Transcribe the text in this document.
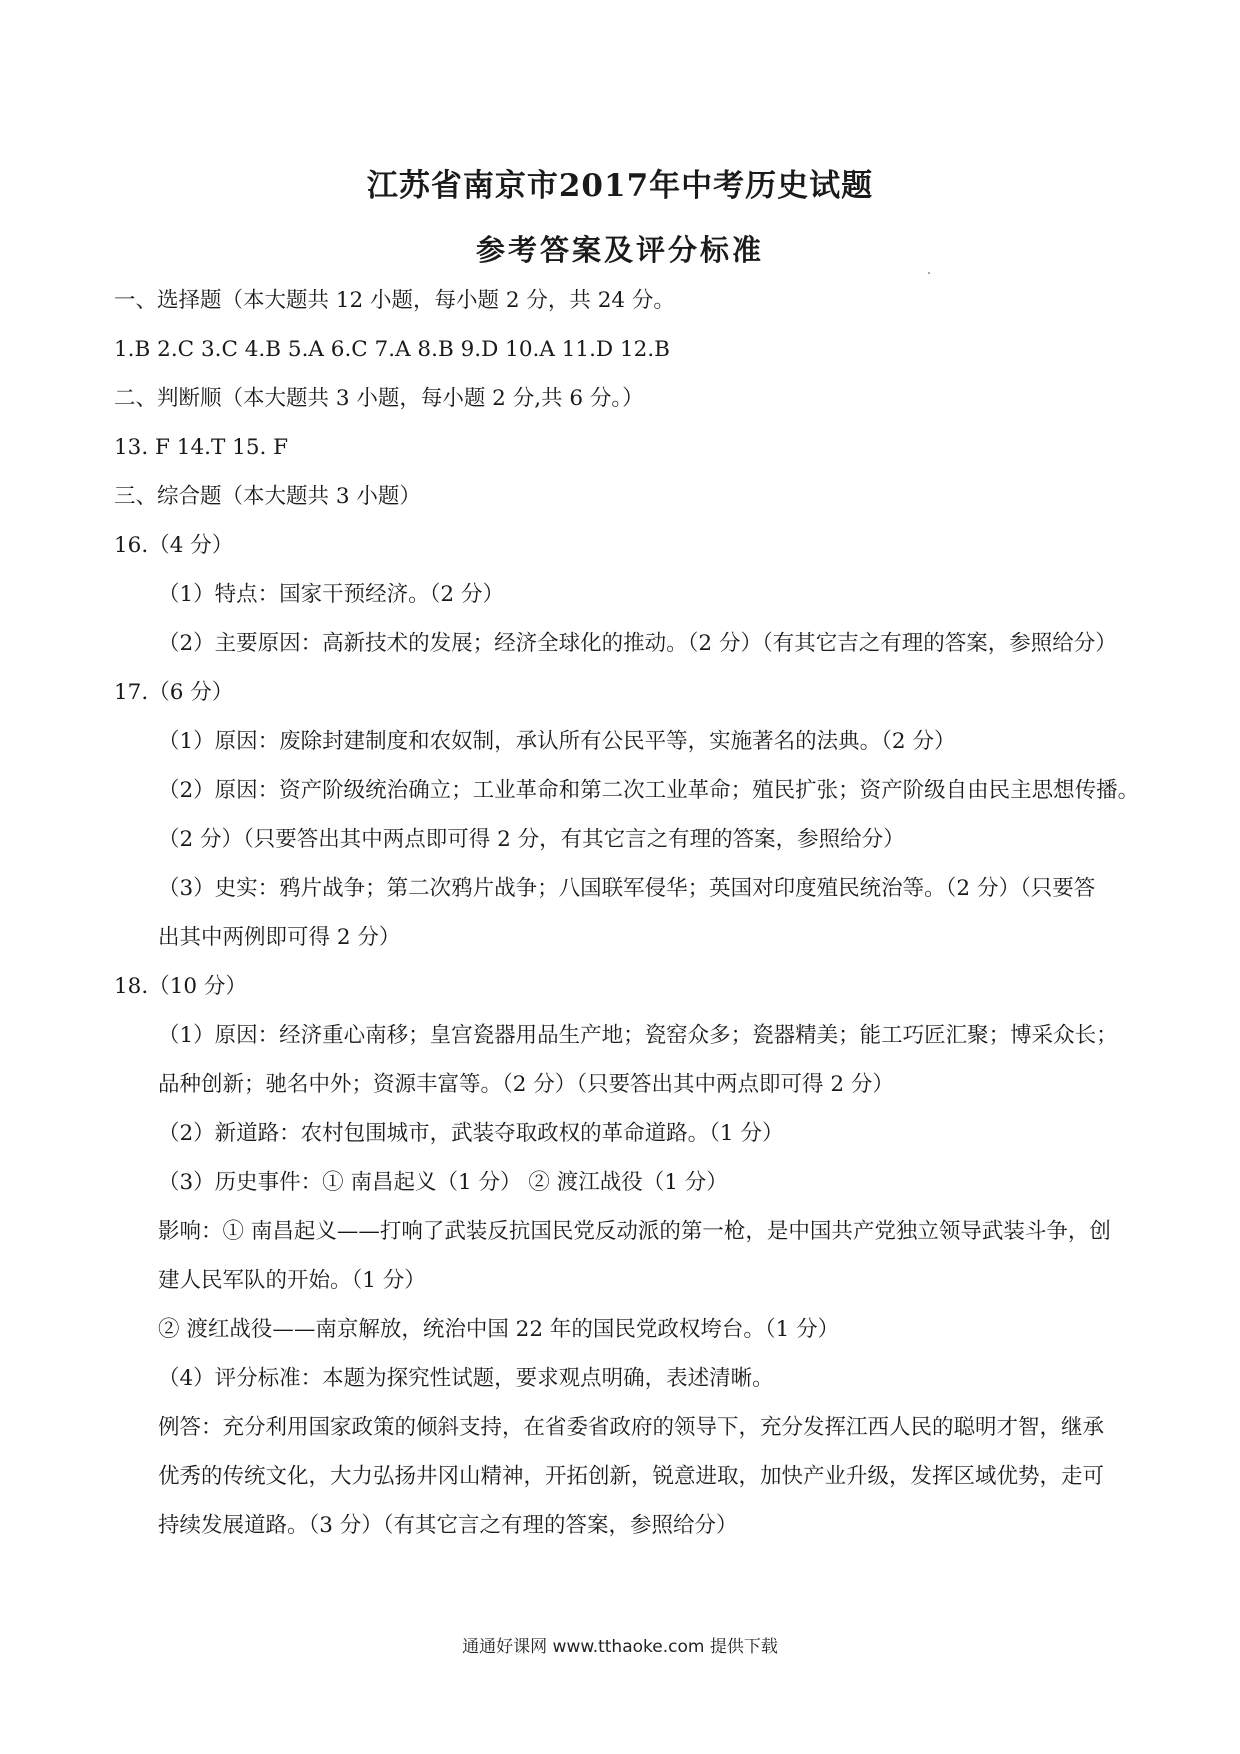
江苏省南京市2017年中考历史试题
参考答案及评分标准
一、选择题（本大题共 12 小题，每小题 2 分，共 24 分。
1.B 2.C 3.C 4.B 5.A 6.C 7.A 8.B 9.D 10.A 11.D 12.B
二、判断顺（本大题共 3 小题，每小题 2 分,共 6 分。）
13. F 14.T 15. F
三、综合题（本大题共 3 小题）
16.（4 分）
（1）特点：国家干预经济。（2 分）
（2）主要原因：高新技术的发展；经济全球化的推动。（2 分）（有其它吉之有理的答案，参照给分）
17.（6 分）
（1）原因：废除封建制度和农奴制，承认所有公民平等，实施著名的法典。（2 分）
（2）原因：资产阶级统治确立；工业革命和第二次工业革命；殖民扩张；资产阶级自由民主思想传播。
（2 分）（只要答出其中两点即可得 2 分，有其它言之有理的答案，参照给分）
（3）史实：鸦片战争；第二次鸦片战争；八国联军侵华；英国对印度殖民统治等。（2 分）（只要答
出其中两例即可得 2 分）
18.（10 分）
（1）原因：经济重心南移；皇宫瓷器用品生产地；瓷窑众多；瓷器精美；能工巧匠汇聚；博采众长；
品种创新；驰名中外；资源丰富等。（2 分）（只要答出其中两点即可得 2 分）
（2）新道路：农村包围城市，武装夺取政权的革命道路。（1 分）
（3）历史事件：① 南昌起义（1 分） ② 渡江战役（1 分）
影响：① 南昌起义——打响了武装反抗国民党反动派的第一枪，是中国共产党独立领导武装斗争，创
建人民军队的开始。（1 分）
② 渡红战役——南京解放，统治中国 22 年的国民党政权垮台。（1 分）
（4）评分标准：本题为探究性试题，要求观点明确，表述清晰。
例答：充分利用国家政策的倾斜支持，在省委省政府的领导下，充分发挥江西人民的聪明才智，继承
优秀的传统文化，大力弘扬井冈山精神，开拓创新，锐意进取，加快产业升级，发挥区域优势，走可
持续发展道路。（3 分）（有其它言之有理的答案，参照给分）
通通好课网 www.tthaoke.com 提供下载
